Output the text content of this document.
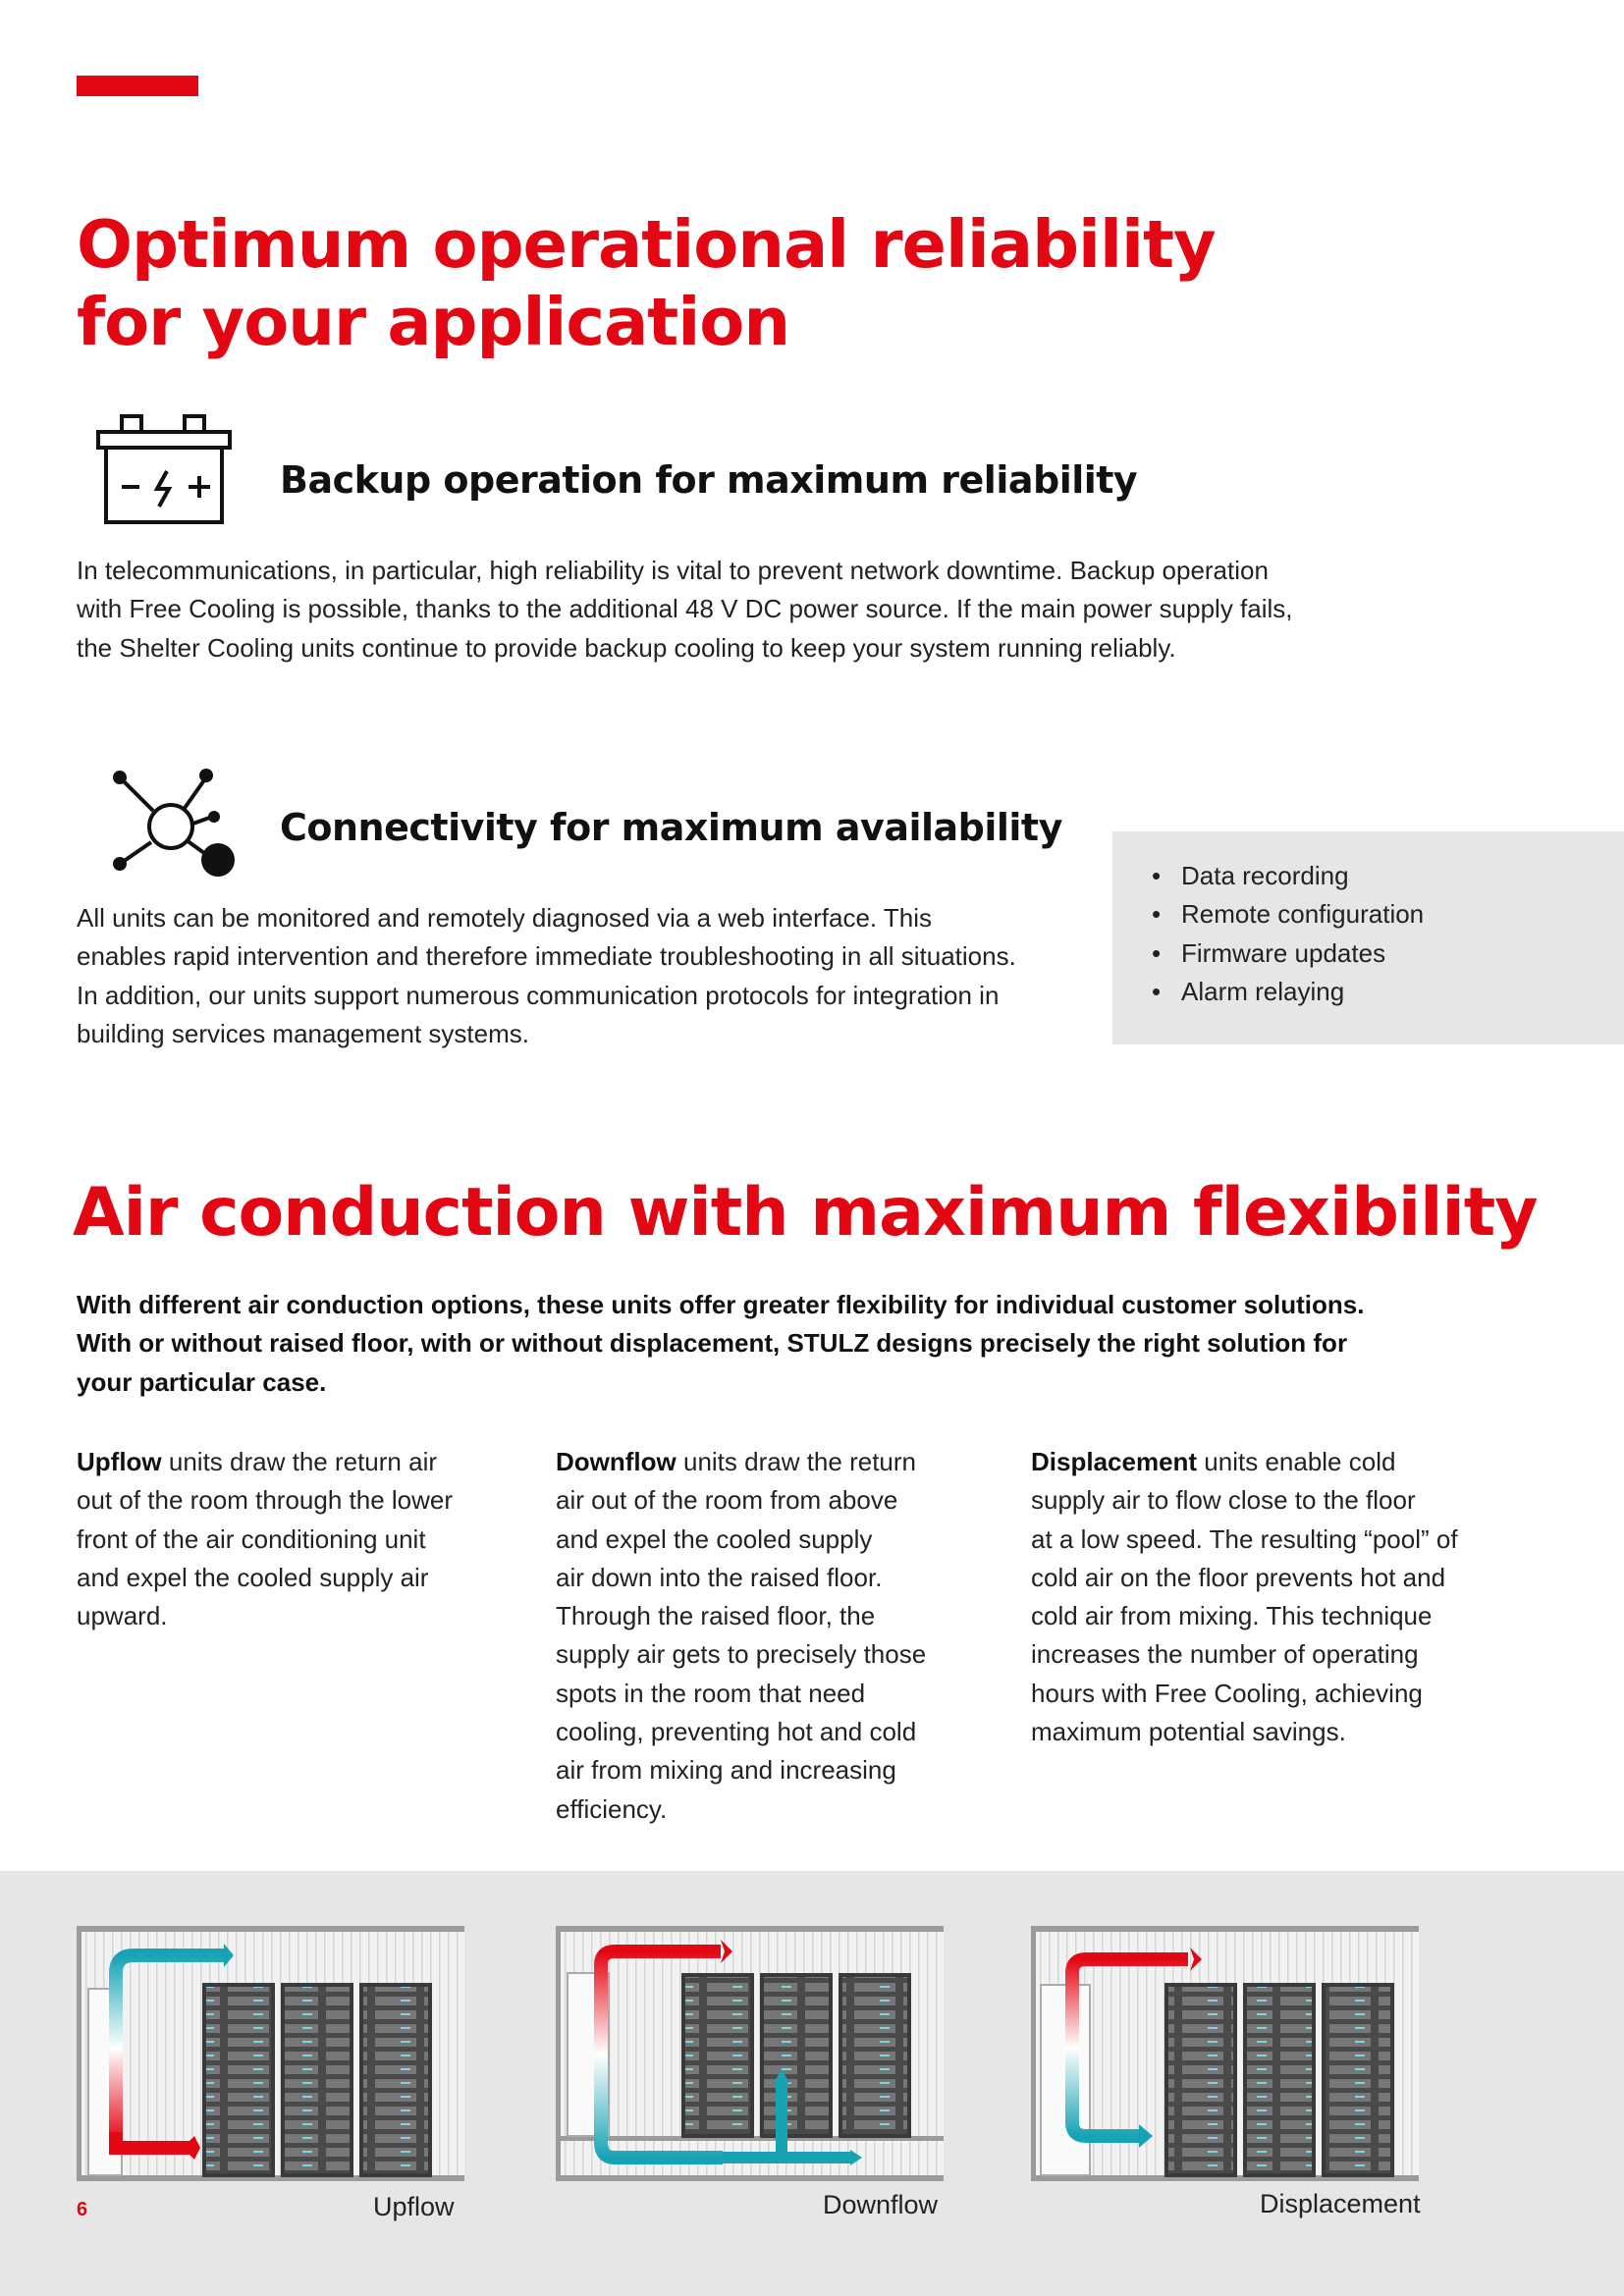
Optimum operational reliability
for your application
Backup operation for maximum reliability

In telecommunications, in particular, high reliability is vital to prevent network downtime. Backup operation

with Free Cooling is possible, thanks to the additional 48 V DC power source. If the main power supply fails,

the Shelter Cooling units continue to provide backup cooling to keep your system running reliably.

Connectivity for maximum availability

All units can be monitored and remotely diagnosed via a web interface. This

enables rapid intervention and therefore immediate troubleshooting in all situations.

In addition, our units support numerous communication protocols for integration in

building services management systems.

• Data recording
• Remote configuration
• Firmware updates
• Alarm relaying
Air conduction with maximum flexibility
With different air conduction options, these units offer greater flexibility for individual customer solutions.
With or without raised floor, with or without displacement, STULZ designs precisely the right solution for
your particular case.
Upflow units draw the return air
out of the room through the lower
front of the air conditioning unit
and expel the cooled supply air
upward.
Downflow units draw the return
air out of the room from above
and expel the cooled supply
air down into the raised floor.
Through the raised floor, the
supply air gets to precisely those
spots in the room that need
cooling, preventing hot and cold
air from mixing and increasing
efficiency.
Displacement units enable cold
supply air to flow close to the floor
at a low speed. The resulting “pool” of
cold air on the floor prevents hot and
cold air from mixing. This technique
increases the number of operating
hours with Free Cooling, achieving
maximum potential savings.
Upflow	Downflow	Displacement
6
